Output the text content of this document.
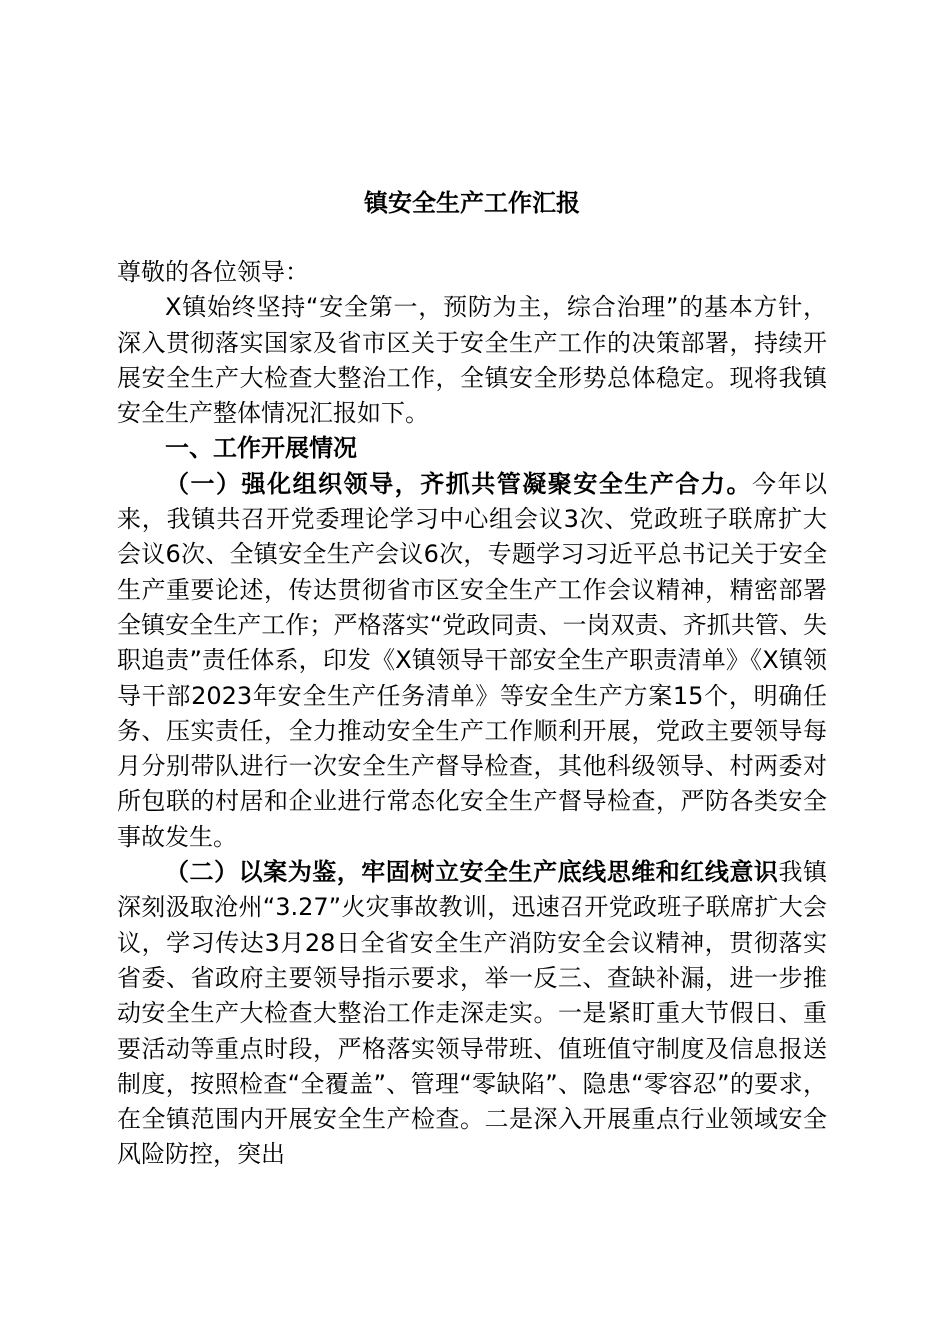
镇安全生产工作汇报

尊敬的各位领导：

X镇始终坚持“安全第一，预防为主，综合治理”的基本方针，深入贯彻落实国家及省市区关于安全生产工作的决策部署，持续开展安全生产大检查大整治工作，全镇安全形势总体稳定。现将我镇安全生产整体情况汇报如下。

一、工作开展情况

（一）强化组织领导，齐抓共管凝聚安全生产合力。今年以来，我镇共召开党委理论学习中心组会议3次、党政班子联席扩大会议6次、全镇安全生产会议6次，专题学习习近平总书记关于安全生产重要论述，传达贯彻省市区安全生产工作会议精神，精密部署全镇安全生产工作；严格落实“党政同责、一岗双责、齐抓共管、失职追责”责任体系，印发《X镇领导干部安全生产职责清单》《X镇领导干部2023年安全生产任务清单》等安全生产方案15个，明确任务、压实责任，全力推动安全生产工作顺利开展，党政主要领导每月分别带队进行一次安全生产督导检查，其他科级领导、村两委对所包联的村居和企业进行常态化安全生产督导检查，严防各类安全事故发生。

（二）以案为鉴，牢固树立安全生产底线思维和红线意识我镇深刻汲取沧州“3.27”火灾事故教训，迅速召开党政班子联席扩大会议，学习传达3月28日全省安全生产消防安全会议精神，贯彻落实省委、省政府主要领导指示要求，举一反三、查缺补漏，进一步推动安全生产大检查大整治工作走深走实。一是紧盯重大节假日、重要活动等重点时段，严格落实领导带班、值班值守制度及信息报送制度，按照检查“全覆盖”、管理“零缺陷”、隐患“零容忍”的要求，在全镇范围内开展安全生产检查。二是深入开展重点行业领域安全风险防控，突出
